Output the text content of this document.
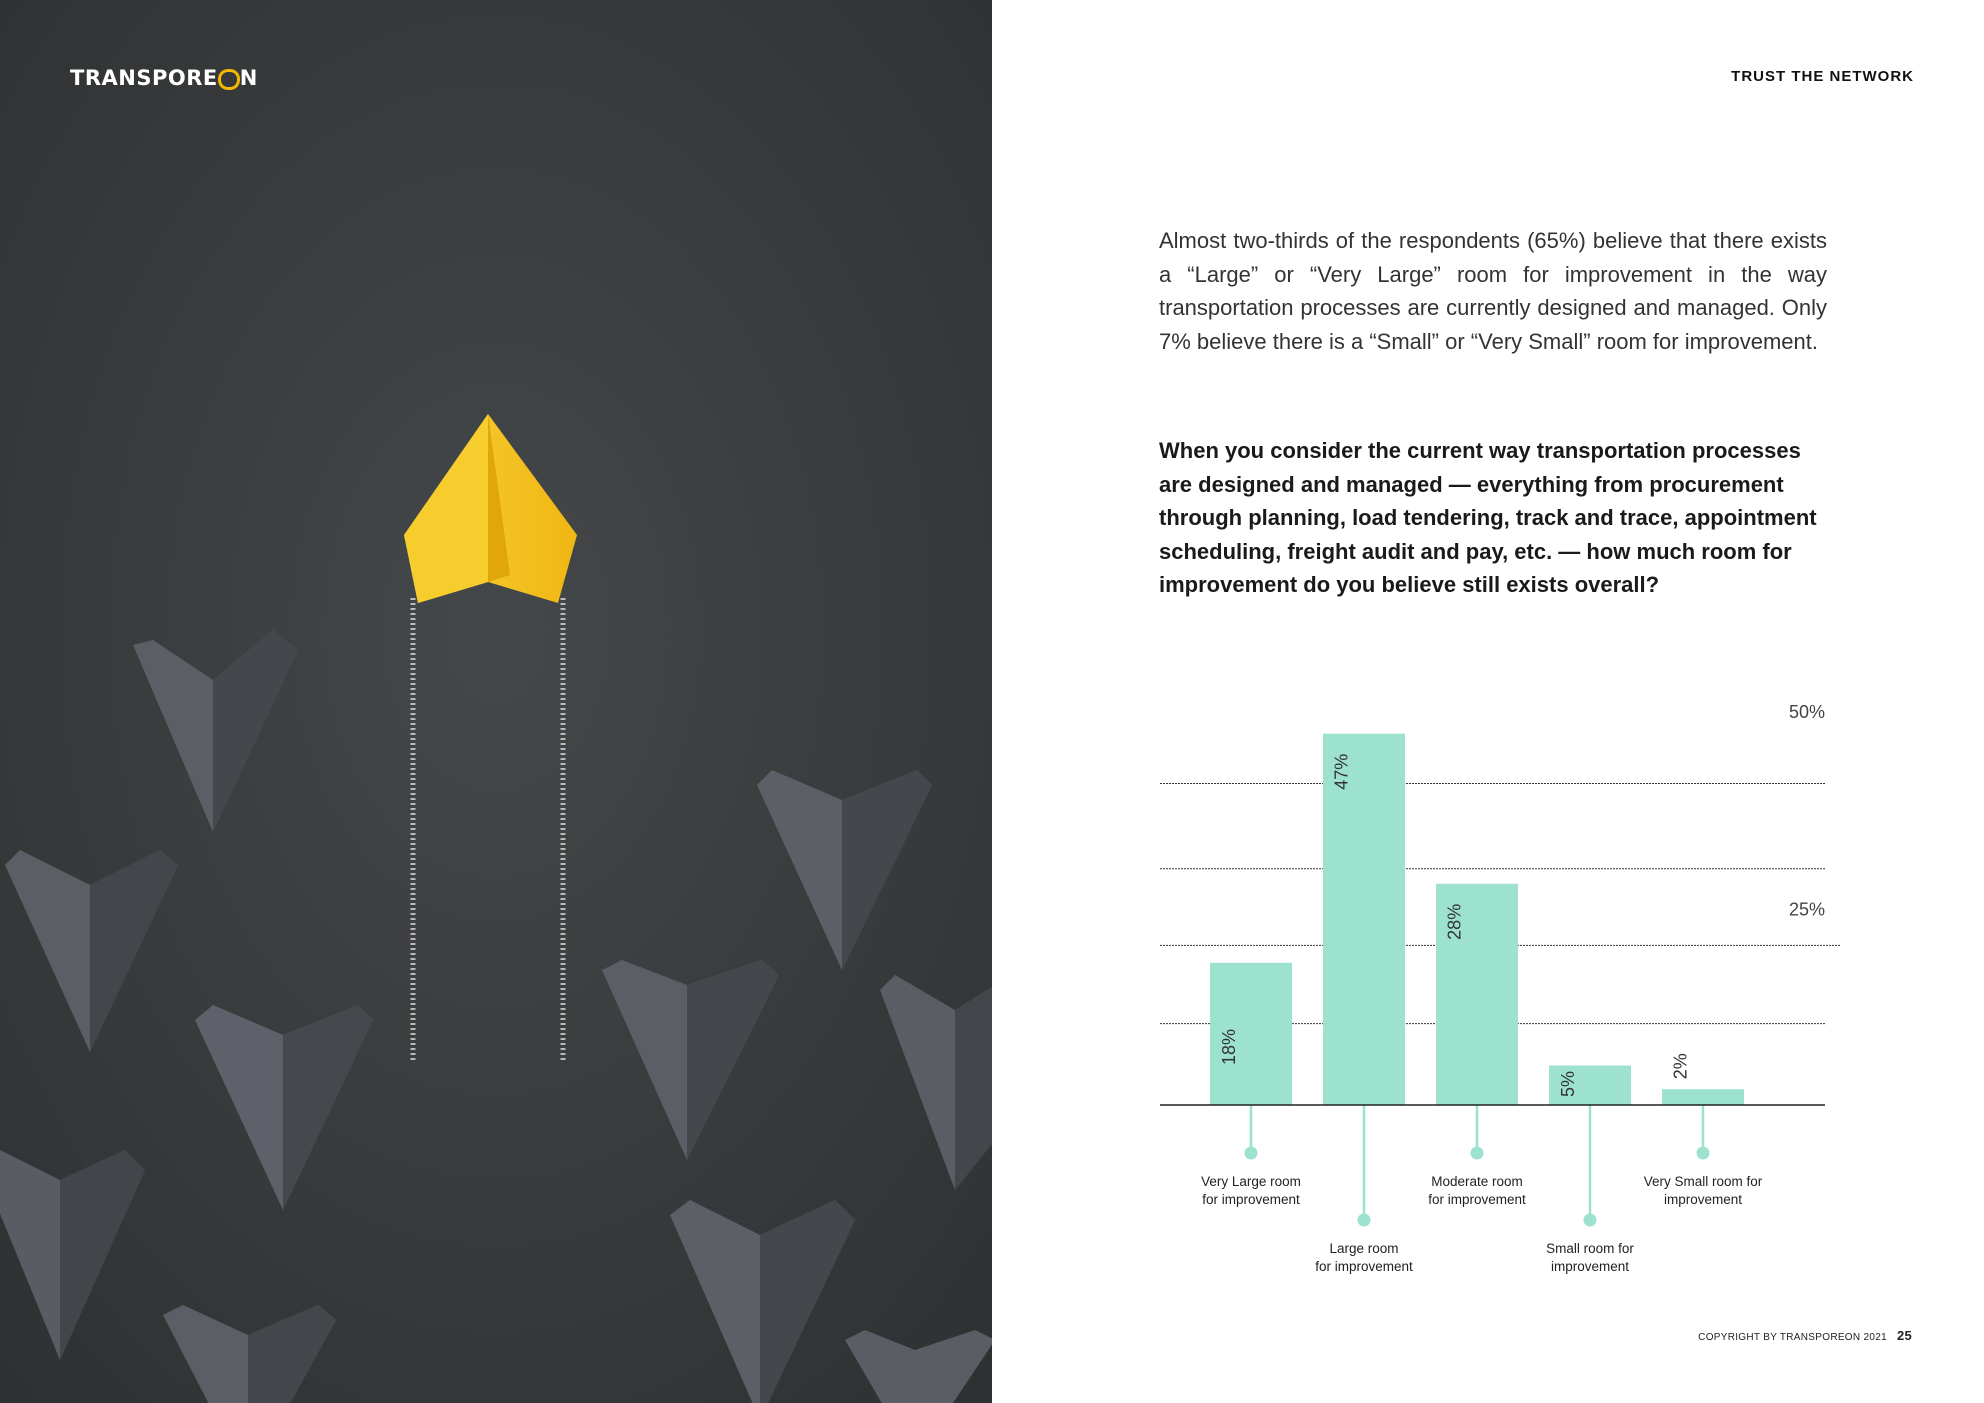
TRANSPORE N	TRUST THE NETWORK

Almost two-thirds of the respondents (65%) believe that there exists a “Large” or “Very Large” room for improvement in the way transportation processes are currently designed and managed. Only 7% believe there is a “Small” or “Very Small” room for improvement.

When you consider the current way transportation processes are designed and managed — everything from procurement through planning, load tendering, track and trace, appointment scheduling, freight audit and pay, etc. — how much room for improvement do you believe still exists overall?

25%
50%
18%
Very Large room
for improvement
47%
Large room
for improvement
28%
Moderate room
for improvement
5%
Small room for
improvement
2%
Very Small room for
improvement
COPYRIGHT BY TRANSPOREON 2021 25
